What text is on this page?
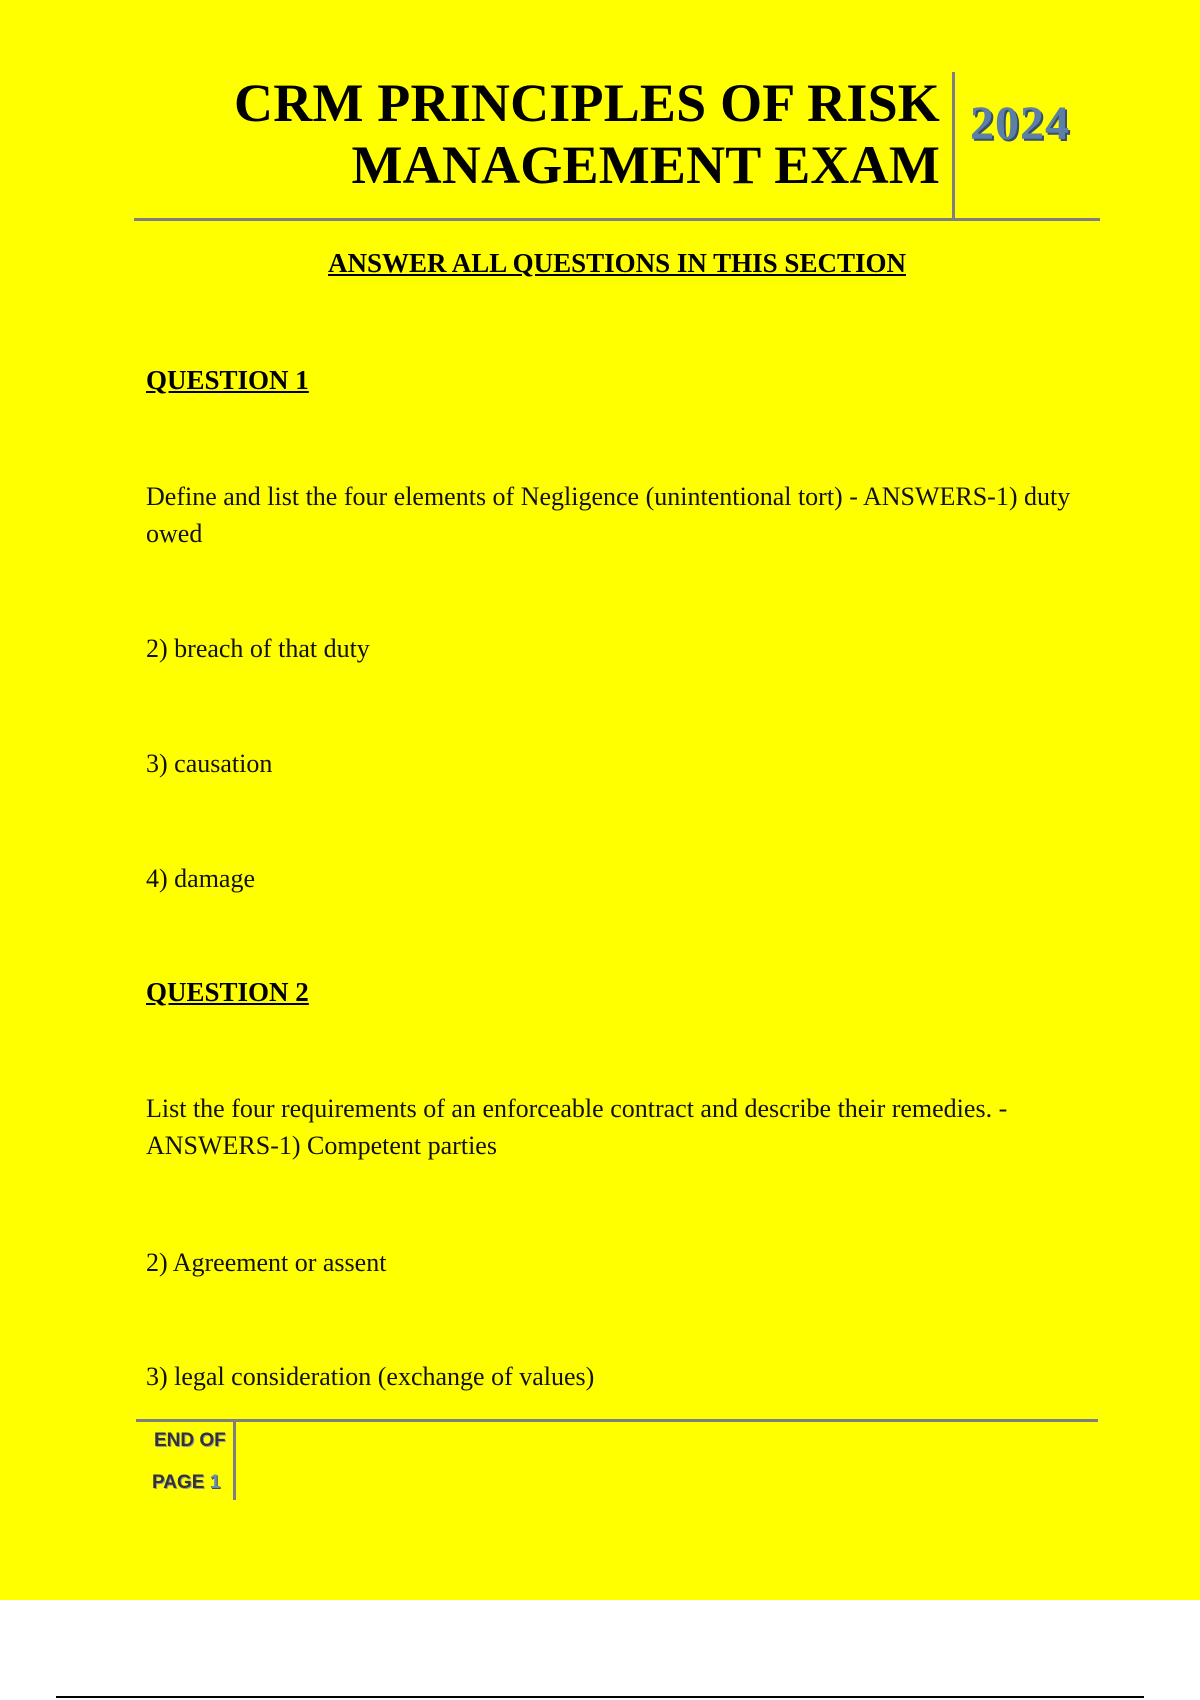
CRM PRINCIPLES OF RISK
MANAGEMENT EXAM
2024
ANSWER ALL QUESTIONS IN THIS SECTION
QUESTION 1
Define and list the four elements of Negligence (unintentional tort) - ANSWERS-1) duty owed
2) breach of that duty
3) causation
4) damage
QUESTION 2
List the four requirements of an enforceable contract and describe their remedies. - ANSWERS-1) Competent parties
2) Agreement or assent
3) legal consideration (exchange of values)
END OF
PAGE 1
